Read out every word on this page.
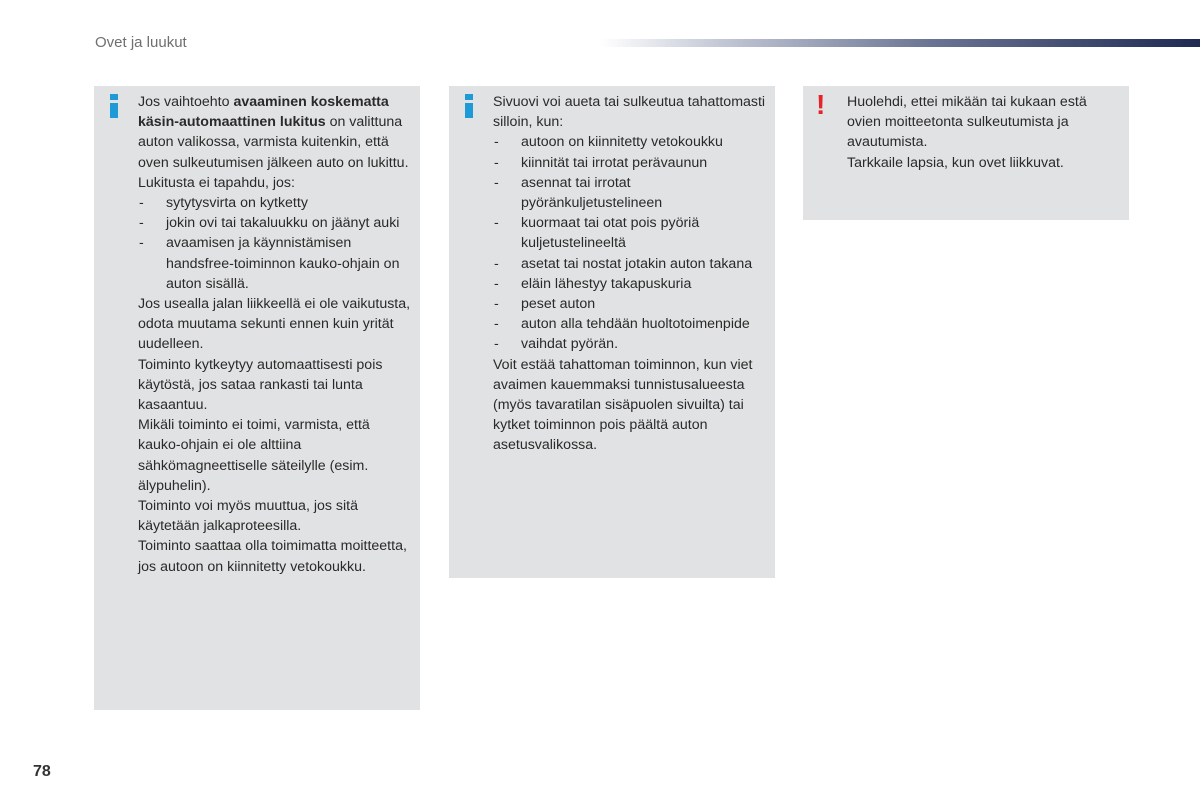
Ovet ja luukut

Jos vaihtoehto avaaminen koskematta käsin-automaattinen lukitus on valittuna auton valikossa, varmista kuitenkin, että oven sulkeutumisen jälkeen auto on lukittu.

Lukitusta ei tapahdu, jos:

- sytytysvirta on kytketty
- jokin ovi tai takaluukku on jäänyt auki
- avaamisen ja käynnistämisen handsfree-toiminnon kauko-ohjain on auton sisällä.

Jos usealla jalan liikkeellä ei ole vaikutusta, odota muutama sekunti ennen kuin yrität uudelleen.

Toiminto kytkeytyy automaattisesti pois käytöstä, jos sataa rankasti tai lunta kasaantuu.

Mikäli toiminto ei toimi, varmista, että kauko-ohjain ei ole alttiina sähkömagneettiselle säteilylle (esim. älypuhelin).

Toiminto voi myös muuttua, jos sitä käytetään jalkaproteesilla.

Toiminto saattaa olla toimimatta moitteetta, jos autoon on kiinnitetty vetokoukku.

Sivuovi voi aueta tai sulkeutua tahattomasti silloin, kun:

- autoon on kiinnitetty vetokoukku
- kiinnität tai irrotat perävaunun
- asennat tai irrotat pyöränkuljetustelineen
- kuormaat tai otat pois pyöriä kuljetustelineeltä
- asetat tai nostat jotakin auton takana
- eläin lähestyy takapuskuria
- peset auton
- auton alla tehdään huoltotoimenpide
- vaihdat pyörän.

Voit estää tahattoman toiminnon, kun viet avaimen kauemmaksi tunnistusalueesta (myös tavaratilan sisäpuolen sivuilta) tai kytket toiminnon pois päältä auton asetusvalikossa.

! Huolehdi, ettei mikään tai kukaan estä ovien moitteetonta sulkeutumista ja avautumista.

Tarkkaile lapsia, kun ovet liikkuvat.

78
